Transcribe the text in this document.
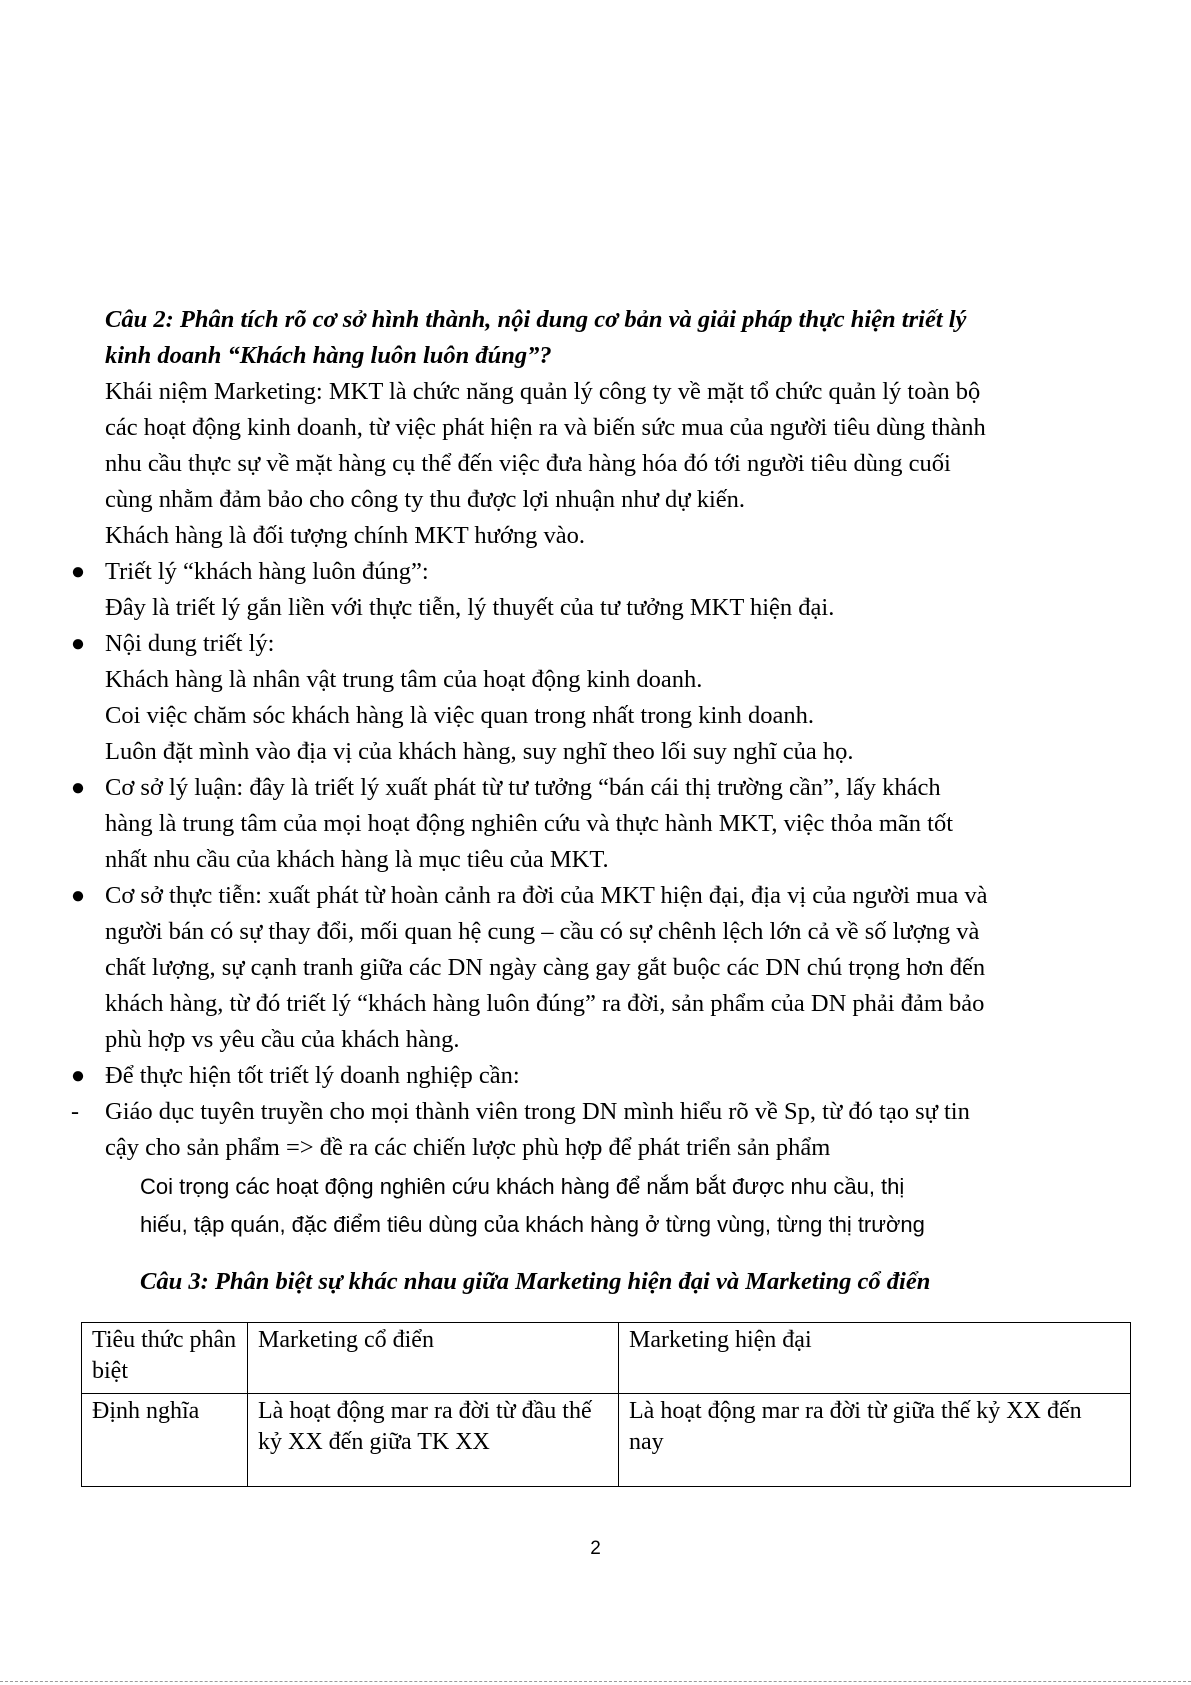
Câu 2: Phân tích rõ cơ sở hình thành, nội dung cơ bản và giải pháp thực hiện triết lý

kinh doanh “Khách hàng luôn luôn đúng”?

Khái niệm Marketing: MKT là chức năng quản lý công ty về mặt tổ chức quản lý toàn bộ

các hoạt động kinh doanh, từ việc phát hiện ra và biến sức mua của người tiêu dùng thành

nhu cầu thực sự về mặt hàng cụ thể đến việc đưa hàng hóa đó tới người tiêu dùng cuối

cùng nhằm đảm bảo cho công ty thu được lợi nhuận như dự kiến.

Khách hàng là đối tượng chính MKT hướng vào.

● Triết lý “khách hàng luôn đúng”:

Đây là triết lý gắn liền với thực tiễn, lý thuyết của tư tưởng MKT hiện đại.

● Nội dung triết lý:

Khách hàng là nhân vật trung tâm của hoạt động kinh doanh.

Coi việc chăm sóc khách hàng là việc quan trong nhất trong kinh doanh.

Luôn đặt mình vào địa vị của khách hàng, suy nghĩ theo lối suy nghĩ của họ.

● Cơ sở lý luận: đây là triết lý xuất phát từ tư tưởng “bán cái thị trường cần”, lấy khách

hàng là trung tâm của mọi hoạt động nghiên cứu và thực hành MKT, việc thỏa mãn tốt

nhất nhu cầu của khách hàng là mục tiêu của MKT.

● Cơ sở thực tiễn: xuất phát từ hoàn cảnh ra đời của MKT hiện đại, địa vị của người mua và

người bán có sự thay đổi, mối quan hệ cung – cầu có sự chênh lệch lớn cả về số lượng và

chất lượng, sự cạnh tranh giữa các DN ngày càng gay gắt buộc các DN chú trọng hơn đến

khách hàng, từ đó triết lý “khách hàng luôn đúng” ra đời, sản phẩm của DN phải đảm bảo

phù hợp vs yêu cầu của khách hàng.

● Để thực hiện tốt triết lý doanh nghiệp cần:

- Giáo dục tuyên truyền cho mọi thành viên trong DN mình hiểu rõ về Sp, từ đó tạo sự tin

cậy cho sản phẩm => đề ra các chiến lược phù hợp để phát triển sản phẩm

Coi trọng các hoạt động nghiên cứu khách hàng để nắm bắt được nhu cầu, thị

hiếu, tập quán, đặc điểm tiêu dùng của khách hàng ở từng vùng, từng thị trường

Câu 3: Phân biệt sự khác nhau giữa Marketing hiện đại và Marketing cổ điển
Tiêu thức phân biệt	Marketing cổ điển	Marketing hiện đại
Định nghĩa	Là hoạt động mar ra đời từ đầu thế kỷ XX đến giữa TK XX	Là hoạt động mar ra đời từ giữa thế kỷ XX đến nay
2
